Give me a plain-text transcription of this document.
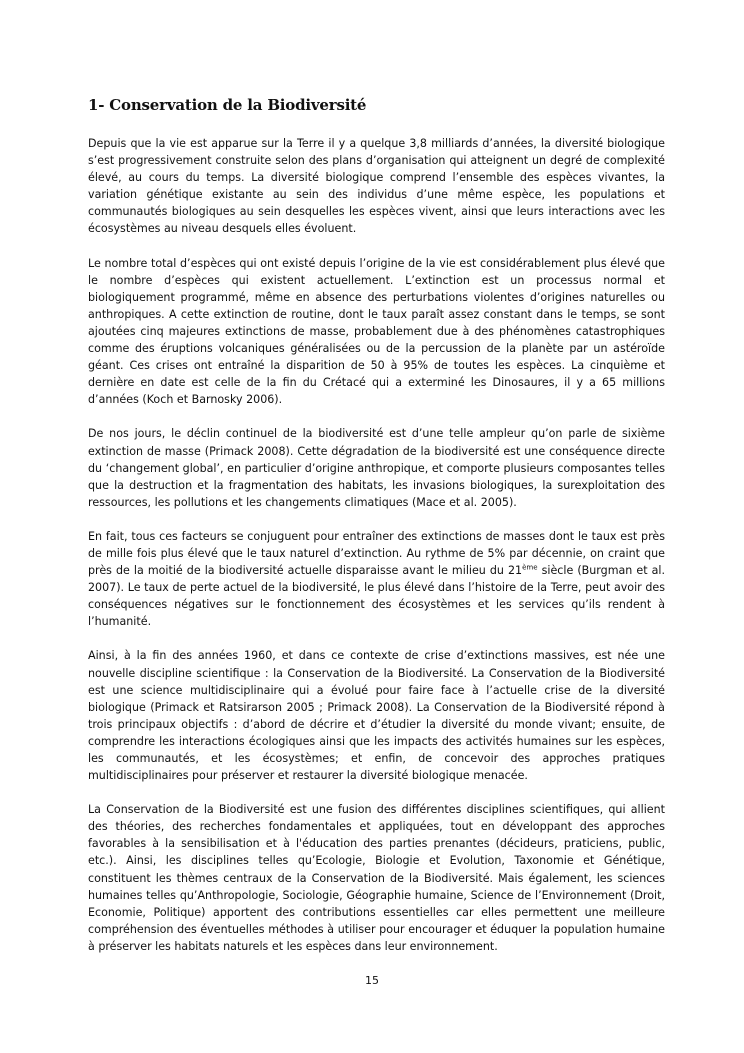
1- Conservation de la Biodiversité

Depuis que la vie est apparue sur la Terre il y a quelque 3,8 milliards d’années, la diversité biologique s’est progressivement construite selon des plans d’organisation qui atteignent un degré de complexité élevé, au cours du temps. La diversité biologique comprend l’ensemble des espèces vivantes, la variation génétique existante au sein des individus d’une même espèce, les populations et communautés biologiques au sein desquelles les espèces vivent, ainsi que leurs interactions avec les écosystèmes au niveau desquels elles évoluent.

Le nombre total d’espèces qui ont existé depuis l’origine de la vie est considérablement plus élevé que le nombre d’espèces qui existent actuellement. L’extinction est un processus normal et biologiquement programmé, même en absence des perturbations violentes d’origines naturelles ou anthropiques. A cette extinction de routine, dont le taux paraît assez constant dans le temps, se sont ajoutées cinq majeures extinctions de masse, probablement due à des phénomènes catastrophiques comme des éruptions volcaniques généralisées ou de la percussion de la planète par un astéroïde géant. Ces crises ont entraîné la disparition de 50 à 95% de toutes les espèces. La cinquième et dernière en date est celle de la fin du Crétacé qui a exterminé les Dinosaures, il y a 65 millions d’années (Koch et Barnosky 2006).

De nos jours, le déclin continuel de la biodiversité est d’une telle ampleur qu’on parle de sixième extinction de masse (Primack 2008). Cette dégradation de la biodiversité est une conséquence directe du ‘changement global’, en particulier d’origine anthropique, et comporte plusieurs composantes telles que la destruction et la fragmentation des habitats, les invasions biologiques, la surexploitation des ressources, les pollutions et les changements climatiques (Mace et al. 2005).

En fait, tous ces facteurs se conjuguent pour entraîner des extinctions de masses dont le taux est près de mille fois plus élevé que le taux naturel d’extinction. Au rythme de 5% par décennie, on craint que près de la moitié de la biodiversité actuelle disparaisse avant le milieu du 21ème siècle (Burgman et al. 2007). Le taux de perte actuel de la biodiversité, le plus élevé dans l’histoire de la Terre, peut avoir des conséquences négatives sur le fonctionnement des écosystèmes et les services qu’ils rendent à l’humanité.

Ainsi, à la fin des années 1960, et dans ce contexte de crise d’extinctions massives, est née une nouvelle discipline scientifique : la Conservation de la Biodiversité. La Conservation de la Biodiversité est une science multidisciplinaire qui a évolué pour faire face à l’actuelle crise de la diversité biologique (Primack et Ratsirarson 2005 ; Primack 2008). La Conservation de la Biodiversité répond à trois principaux objectifs : d’abord de décrire et d’étudier la diversité du monde vivant; ensuite, de comprendre les interactions écologiques ainsi que les impacts des activités humaines sur les espèces, les communautés, et les écosystèmes; et enfin, de concevoir des approches pratiques multidisciplinaires pour préserver et restaurer la diversité biologique menacée.

La Conservation de la Biodiversité est une fusion des différentes disciplines scientifiques, qui allient des théories, des recherches fondamentales et appliquées, tout en développant des approches favorables à la sensibilisation et à l'éducation des parties prenantes (décideurs, praticiens, public, etc.). Ainsi, les disciplines telles qu’Ecologie, Biologie et Evolution, Taxonomie et Génétique, constituent les thèmes centraux de la Conservation de la Biodiversité. Mais également, les sciences humaines telles qu’Anthropologie, Sociologie, Géographie humaine, Science de l’Environnement (Droit, Economie, Politique) apportent des contributions essentielles car elles permettent une meilleure compréhension des éventuelles méthodes à utiliser pour encourager et éduquer la population humaine à préserver les habitats naturels et les espèces dans leur environnement.

15
